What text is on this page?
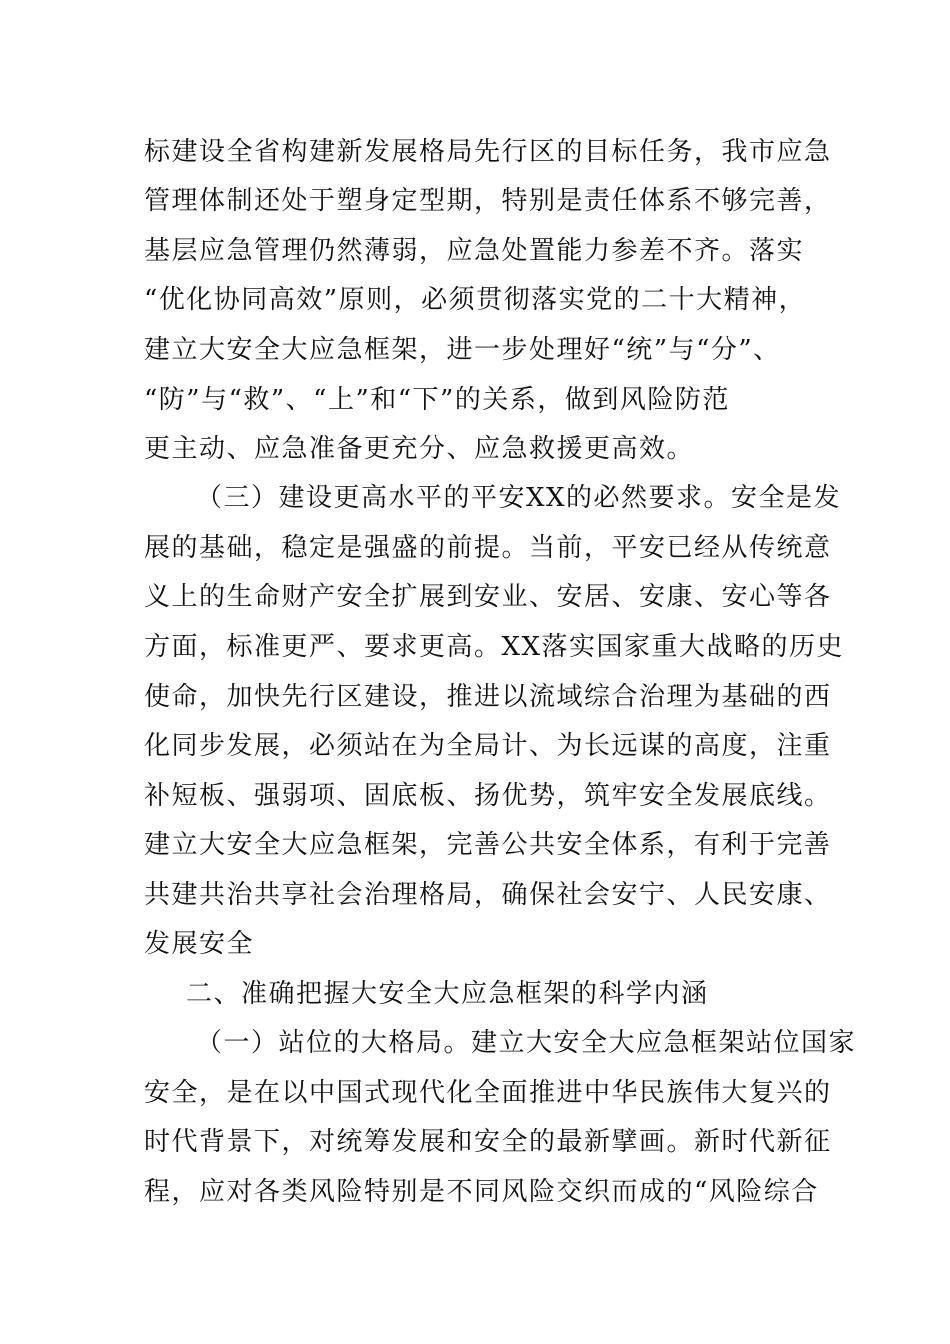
标建设全省构建新发展格局先行区的目标任务，我市应急
管理体制还处于塑身定型期，特别是责任体系不够完善，
基层应急管理仍然薄弱，应急处置能力参差不齐。落实
“优化协同高效”原则，必须贯彻落实党的二十大精神，
建立大安全大应急框架，进一步处理好“统”与“分”、
“防”与“救”、“上”和“下”的关系，做到风险防范
更主动、应急准备更充分、应急救援更高效。
（三）建设更高水平的平安XX的必然要求。安全是发
展的基础，稳定是强盛的前提。当前，平安已经从传统意
义上的生命财产安全扩展到安业、安居、安康、安心等各
方面，标准更严、要求更高。XX落实国家重大战略的历史
使命，加快先行区建设，推进以流域综合治理为基础的西
化同步发展，必须站在为全局计、为长远谋的高度，注重
补短板、强弱项、固底板、扬优势，筑牢安全发展底线。
建立大安全大应急框架，完善公共安全体系，有利于完善
共建共治共享社会治理格局，确保社会安宁、人民安康、
发展安全
二、准确把握大安全大应急框架的科学内涵
（一）站位的大格局。建立大安全大应急框架站位国家
安全，是在以中国式现代化全面推进中华民族伟大复兴的
时代背景下，对统筹发展和安全的最新擘画。新时代新征
程，应对各类风险特别是不同风险交织而成的“风险综合
